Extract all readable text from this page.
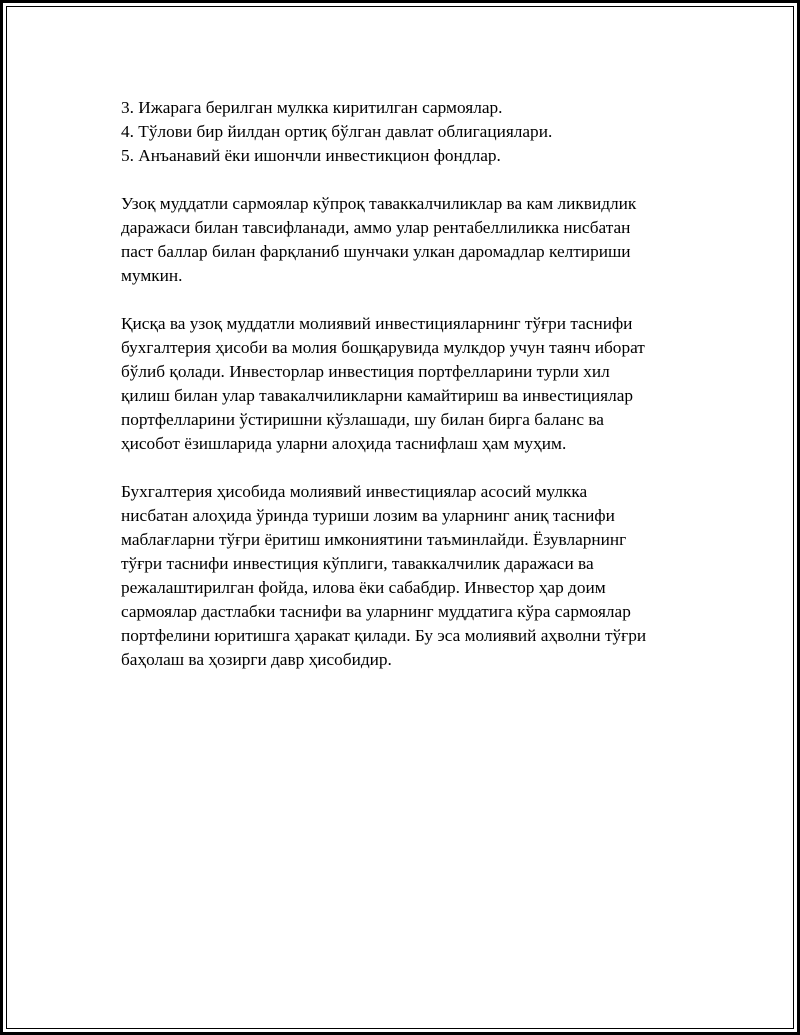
3. Ижарага берилган мулкка киритилган сармоялар.
4. Тўлови бир йилдан ортиқ бўлган давлат облигациялари.
5. Анъанавий ёки ишончли инвестикцион фондлар.

Узоқ муддатли сармоялар кўпроқ таваккалчиликлар ва кам ликвидлик
даражаси билан тавсифланади, аммо улар рентабеллиликка нисбатан
паст баллар билан фарқланиб шунчаки улкан даромадлар келтириши
мумкин.

Қисқа ва узоқ муддатли молиявий инвестицияларнинг тўғри таснифи
бухгалтерия ҳисоби ва молия бошқарувида мулкдор учун таянч иборат
бўлиб қолади. Инвесторлар инвестиция портфелларини турли хил
қилиш билан улар тавакалчиликларни камайтириш ва инвестициялар
портфелларини ўстиришни кўзлашади, шу билан бирга баланс ва
ҳисобот ёзишларида уларни алоҳида таснифлаш ҳам муҳим.

Бухгалтерия ҳисобида молиявий инвестициялар асосий мулкка
нисбатан алоҳида ўринда туриши лозим ва уларнинг аниқ таснифи
маблағларни тўғри ёритиш имкониятини таъминлайди. Ёзувларнинг
тўғри таснифи инвестиция кўплиги, таваккалчилик даражаси ва
режалаштирилган фойда, илова ёки сабабдир. Инвестор ҳар доим
сармоялар дастлабки таснифи ва уларнинг муддатига кўра сармоялар
портфелини юритишга ҳаракат қилади. Бу эса молиявий аҳволни тўғри
баҳолаш ва ҳозирги давр ҳисобидир.
